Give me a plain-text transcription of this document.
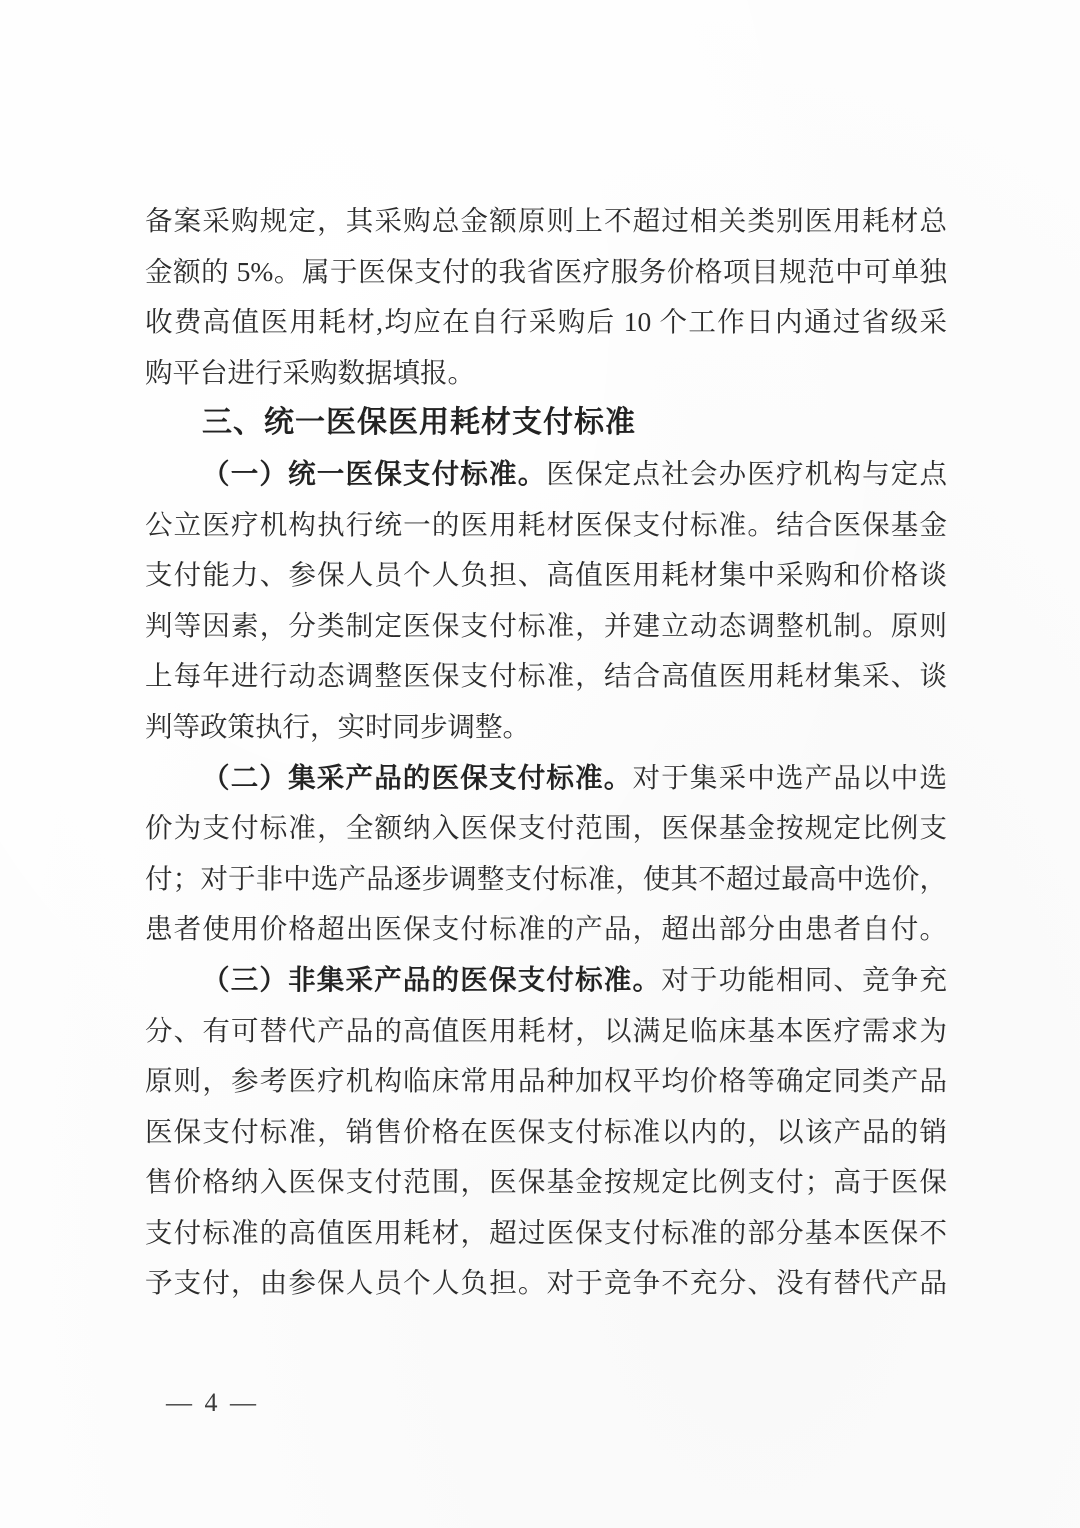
备案采购规定，其采购总金额原则上不超过相关类别医用耗材总
金额的 5%。属于医保支付的我省医疗服务价格项目规范中可单独
收费高值医用耗材,均应在自行采购后 10 个工作日内通过省级采
购平台进行采购数据填报。
三、统一医保医用耗材支付标准
（一）统一医保支付标准。医保定点社会办医疗机构与定点
公立医疗机构执行统一的医用耗材医保支付标准。结合医保基金
支付能力、参保人员个人负担、高值医用耗材集中采购和价格谈
判等因素，分类制定医保支付标准，并建立动态调整机制。原则
上每年进行动态调整医保支付标准，结合高值医用耗材集采、谈
判等政策执行，实时同步调整。
（二）集采产品的医保支付标准。对于集采中选产品以中选
价为支付标准，全额纳入医保支付范围，医保基金按规定比例支
付；对于非中选产品逐步调整支付标准，使其不超过最高中选价，
患者使用价格超出医保支付标准的产品，超出部分由患者自付。
（三）非集采产品的医保支付标准。对于功能相同、竞争充
分、有可替代产品的高值医用耗材，以满足临床基本医疗需求为
原则，参考医疗机构临床常用品种加权平均价格等确定同类产品
医保支付标准，销售价格在医保支付标准以内的，以该产品的销
售价格纳入医保支付范围，医保基金按规定比例支付；高于医保
支付标准的高值医用耗材，超过医保支付标准的部分基本医保不
予支付，由参保人员个人负担。对于竞争不充分、没有替代产品
— 4 —
